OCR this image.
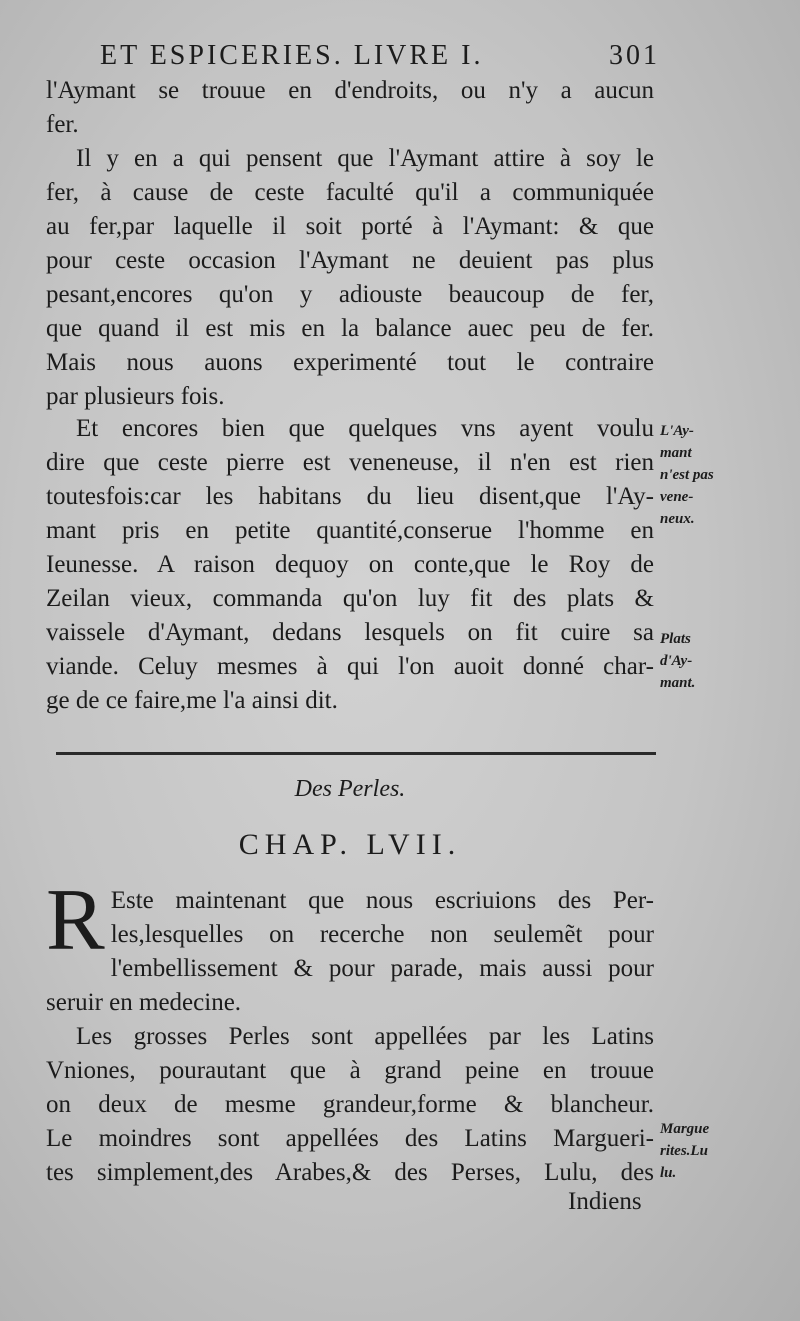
ET ESPICERIES. LIVRE I.	301

l'Aymant se trouue en d'endroits, ou n'y a aucun
fer.

Il y en a qui pensent que l'Aymant attire à soy le
fer, à cause de ceste faculté qu'il a communiquée
au fer,par laquelle il soit porté à l'Aymant: & que
pour ceste occasion l'Aymant ne deuient pas plus
pesant,encores qu'on y adiouste beaucoup de fer,
que quand il est mis en la balance auec peu de fer.
Mais nous auons experimenté tout le contraire
par plusieurs fois.

Et encores bien que quelques vns ayent voulu
dire que ceste pierre est veneneuse, il n'en est rien
toutesfois:car les habitans du lieu disent,que l'Ay-
mant pris en petite quantité,conserue l'homme en
Ieunesse. A raison dequoy on conte,que le Roy de
Zeilan vieux, commanda qu'on luy fit des plats &
vaissele d'Aymant, dedans lesquels on fit cuire sa
viande. Celuy mesmes à qui l'on auoit donné char-
ge de ce faire,me l'a ainsi dit.

L'Ay-
mant
n'est pas
vene-
neux.
Plats
d'Ay-
mant.
Des Perles.
CHAP. LVII.

R Este maintenant que nous escriuions des Per-
les,lesquelles on recerche non seulemẽt pour
l'embellissement & pour parade, mais aussi pour
seruir en medecine.

Les grosses Perles sont appellées par les Latins
Vniones, pourautant que à grand peine en trouue
on deux de mesme grandeur,forme & blancheur.
Le moindres sont appellées des Latins Margueri-
tes simplement,des Arabes,& des Perses, Lulu, des

Margue
rites.Lu
lu.
Indiens
